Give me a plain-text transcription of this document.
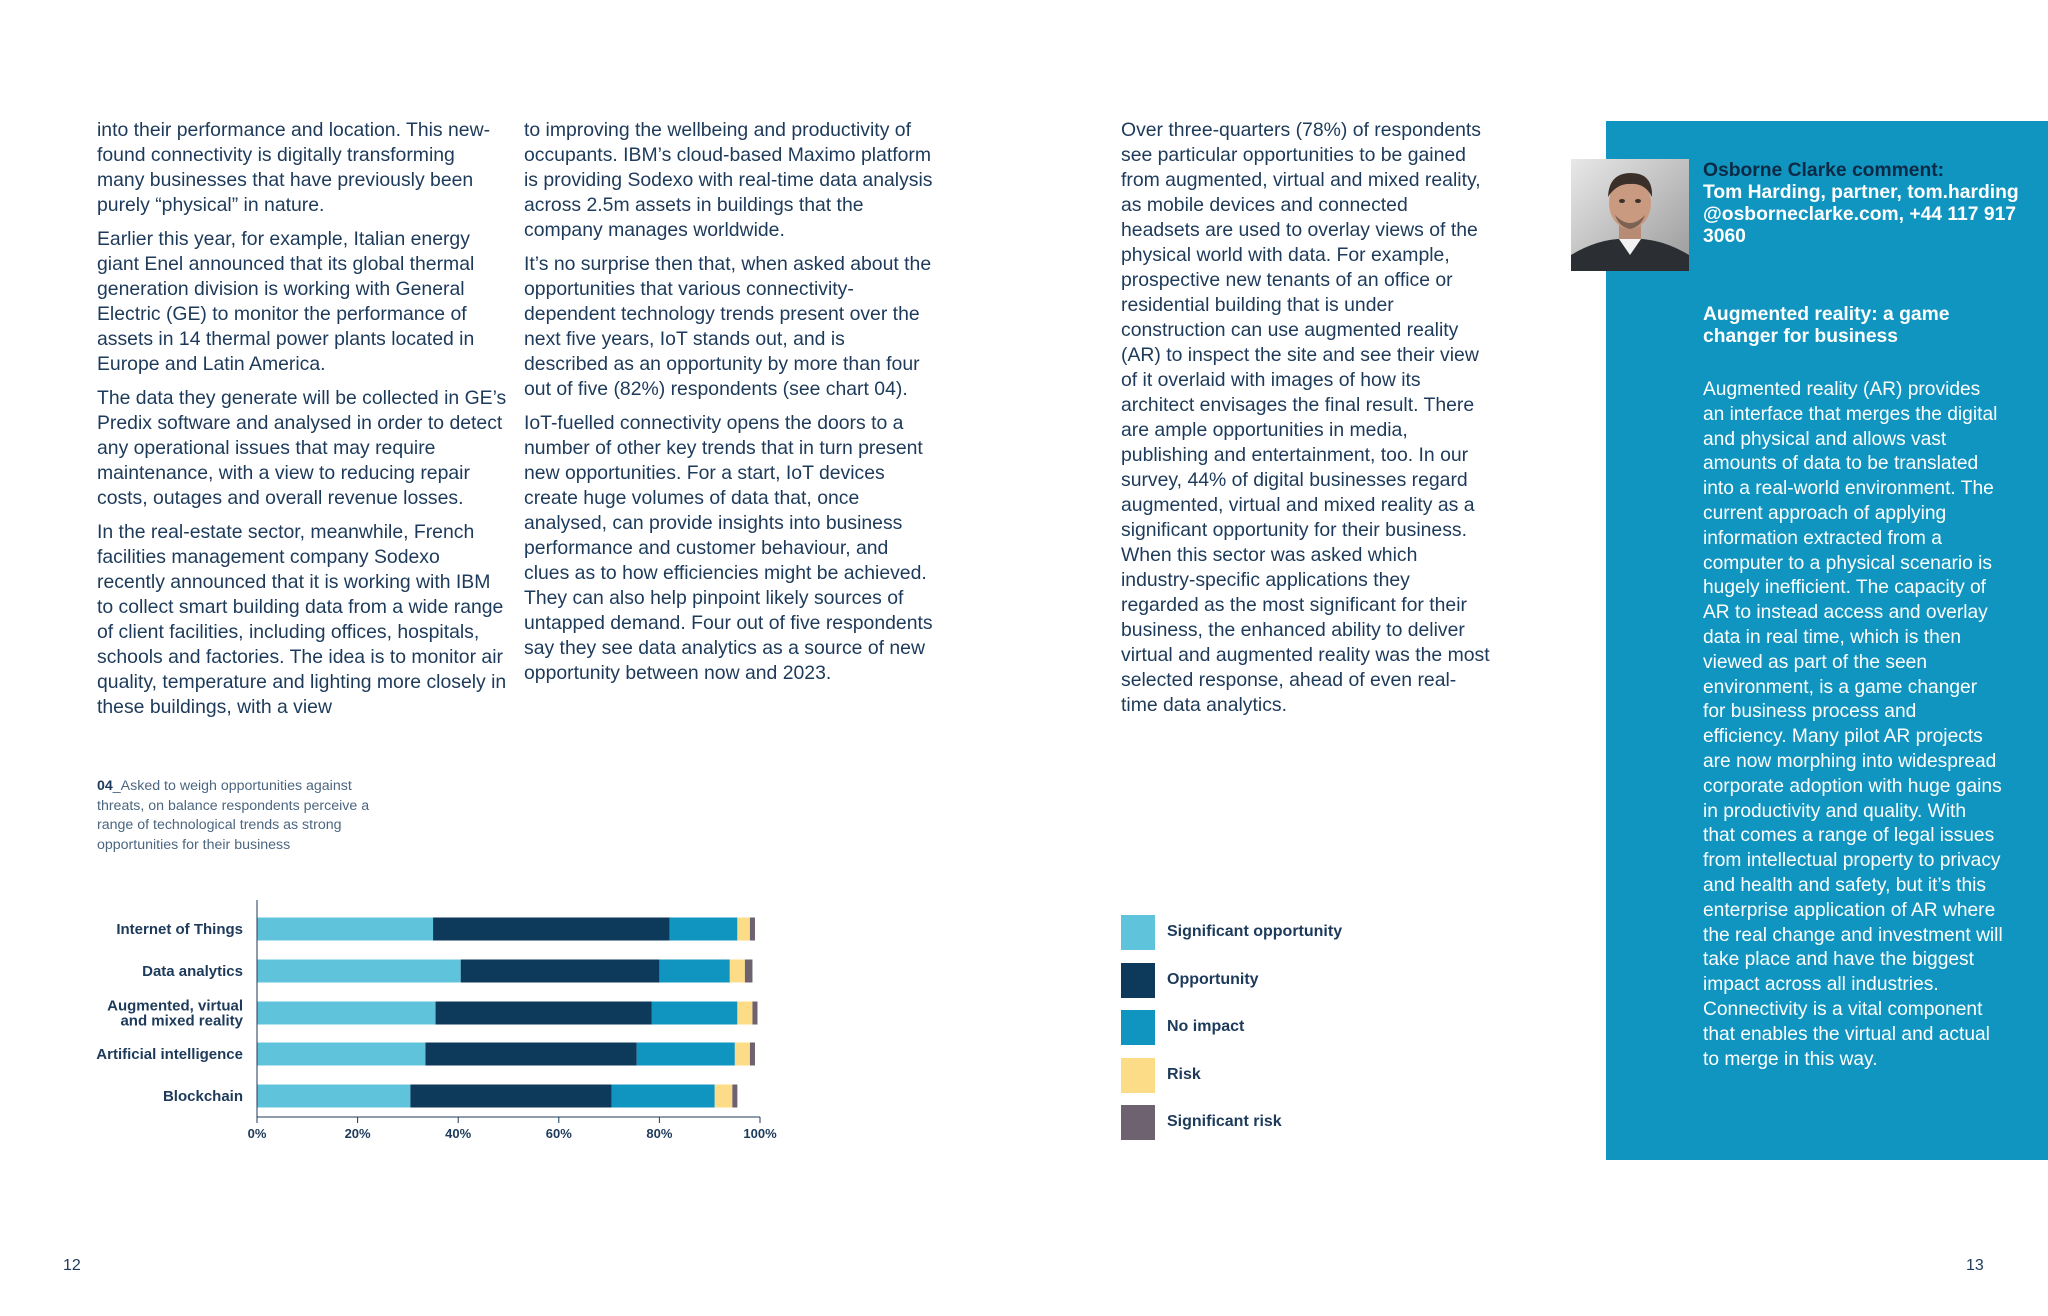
into their performance and location. This new-found connectivity is digitally transforming many businesses that have previously been purely “physical” in nature.

Earlier this year, for example, Italian energy giant Enel announced that its global thermal generation division is working with General Electric (GE) to monitor the performance of assets in 14 thermal power plants located in Europe and Latin America.

The data they generate will be collected in GE’s Predix software and analysed in order to detect any operational issues that may require maintenance, with a view to reducing repair costs, outages and overall revenue losses.

In the real-estate sector, meanwhile, French facilities management company Sodexo recently announced that it is working with IBM to collect smart building data from a wide range of client facilities, including offices, hospitals, schools and factories. The idea is to monitor air quality, temperature and lighting more closely in these buildings, with a view

to improving the wellbeing and productivity of occupants. IBM’s cloud-based Maximo platform is providing Sodexo with real-time data analysis across 2.5m assets in buildings that the company manages worldwide.

It’s no surprise then that, when asked about the opportunities that various connectivity-dependent technology trends present over the next five years, IoT stands out, and is described as an opportunity by more than four out of five (82%) respondents (see chart 04).

IoT-fuelled connectivity opens the doors to a number of other key trends that in turn present new opportunities. For a start, IoT devices create huge volumes of data that, once analysed, can provide insights into business performance and customer behaviour, and clues as to how efficiencies might be achieved. They can also help pinpoint likely sources of untapped demand. Four out of five respondents say they see data analytics as a source of new opportunity between now and 2023.

Over three-quarters (78%) of respondents see particular opportunities to be gained from augmented, virtual and mixed reality, as mobile devices and connected headsets are used to overlay views of the physical world with data. For example, prospective new tenants of an office or residential building that is under construction can use augmented reality (AR) to inspect the site and see their view of it overlaid with images of how its architect envisages the final result. There are ample opportunities in media, publishing and entertainment, too. In our survey, 44% of digital businesses regard augmented, virtual and mixed reality as a significant opportunity for their business. When this sector was asked which industry-specific applications they regarded as the most significant for their business, the enhanced ability to deliver virtual and augmented reality was the most selected response, ahead of even real-time data analytics.

Osborne Clarke comment:
Tom Harding, partner, tom.harding @osborneclarke.com, +44 117 917 3060
Augmented reality: a game changer for business
Augmented reality (AR) provides an interface that merges the digital and physical and allows vast amounts of data to be translated into a real-world environment. The current approach of applying information extracted from a computer to a physical scenario is hugely inefficient. The capacity of AR to instead access and overlay data in real time, which is then viewed as part of the seen environment, is a game changer for business process and efficiency. Many pilot AR projects are now morphing into widespread corporate adoption with huge gains in productivity and quality. With that comes a range of legal issues from intellectual property to privacy and health and safety, but it’s this enterprise application of AR where the real change and investment will take place and have the biggest impact across all industries. Connectivity is a vital component that enables the virtual and actual to merge in this way.
04_Asked to weigh opportunities against threats, on balance respondents perceive a range of technological trends as strong opportunities for their business
Internet of Things
Data analytics
Augmented, virtual
and mixed reality
Artificial intelligence
Blockchain
0%	20%	40%	60%	80%	100%
Significant opportunity
Opportunity
No impact
Risk
Significant risk
12	13
